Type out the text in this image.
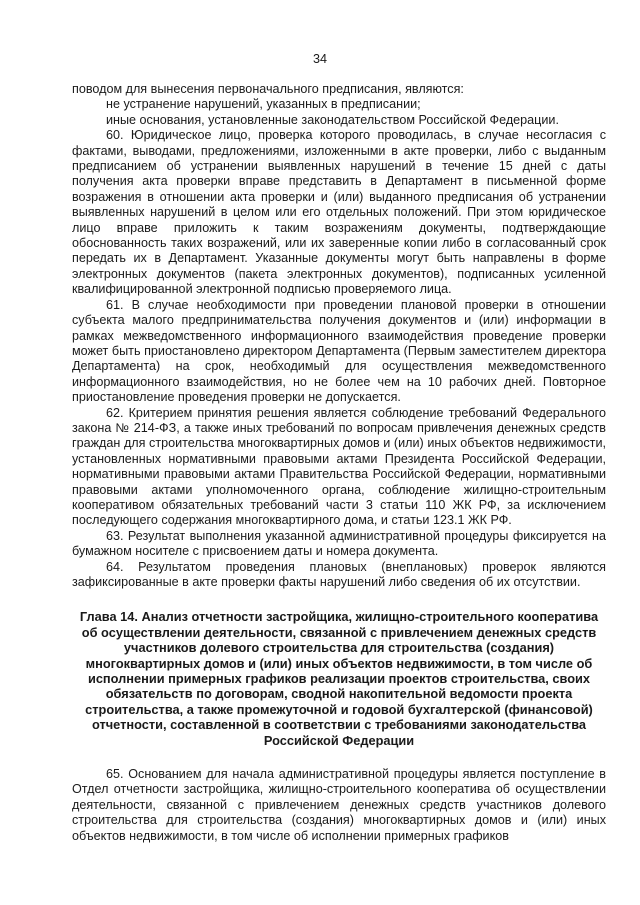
34

поводом для вынесения первоначального предписания, являются:

не устранение нарушений, указанных в предписании;

иные основания, установленные законодательством Российской Федерации.

60. Юридическое лицо, проверка которого проводилась, в случае несогласия с фактами, выводами, предложениями, изложенными в акте проверки, либо с выданным предписанием об устранении выявленных нарушений в течение 15 дней с даты получения акта проверки вправе представить в Департамент в письменной форме возражения в отношении акта проверки и (или) выданного предписания об устранении выявленных нарушений в целом или его отдельных положений. При этом юридическое лицо вправе приложить к таким возражениям документы, подтверждающие обоснованность таких возражений, или их заверенные копии либо в согласованный срок передать их в Департамент. Указанные документы могут быть направлены в форме электронных документов (пакета электронных документов), подписанных усиленной квалифицированной электронной подписью проверяемого лица.

61. В случае необходимости при проведении плановой проверки в отношении субъекта малого предпринимательства получения документов и (или) информации в рамках межведомственного информационного взаимодействия проведение проверки может быть приостановлено директором Департамента (Первым заместителем директора Департамента) на срок, необходимый для осуществления межведомственного информационного взаимодействия, но не более чем на 10 рабочих дней. Повторное приостановление проведения проверки не допускается.

62. Критерием принятия решения является соблюдение требований Федерального закона № 214-ФЗ, а также иных требований по вопросам привлечения денежных средств граждан для строительства многоквартирных домов и (или) иных объектов недвижимости, установленных нормативными правовыми актами Президента Российской Федерации, нормативными правовыми актами Правительства Российской Федерации, нормативными правовыми актами уполномоченного органа, соблюдение жилищно-строительным кооперативом обязательных требований части 3 статьи 110 ЖК РФ, за исключением последующего содержания многоквартирного дома, и статьи 123.1 ЖК РФ.

63. Результат выполнения указанной административной процедуры фиксируется на бумажном носителе с присвоением даты и номера документа.

64. Результатом проведения плановых (внеплановых) проверок являются зафиксированные в акте проверки факты нарушений либо сведения об их отсутствии.

Глава 14. Анализ отчетности застройщика, жилищно-строительного кооператива об осуществлении деятельности, связанной с привлечением денежных средств участников долевого строительства для строительства (создания) многоквартирных домов и (или) иных объектов недвижимости, в том числе об исполнении примерных графиков реализации проектов строительства, своих обязательств по договорам, сводной накопительной ведомости проекта строительства, а также промежуточной и годовой бухгалтерской (финансовой) отчетности, составленной в соответствии с требованиями законодательства Российской Федерации

65. Основанием для начала административной процедуры является поступление в Отдел отчетности застройщика, жилищно-строительного кооператива об осуществлении деятельности, связанной с привлечением денежных средств участников долевого строительства для строительства (создания) многоквартирных домов и (или) иных объектов недвижимости, в том числе об исполнении примерных графиков
